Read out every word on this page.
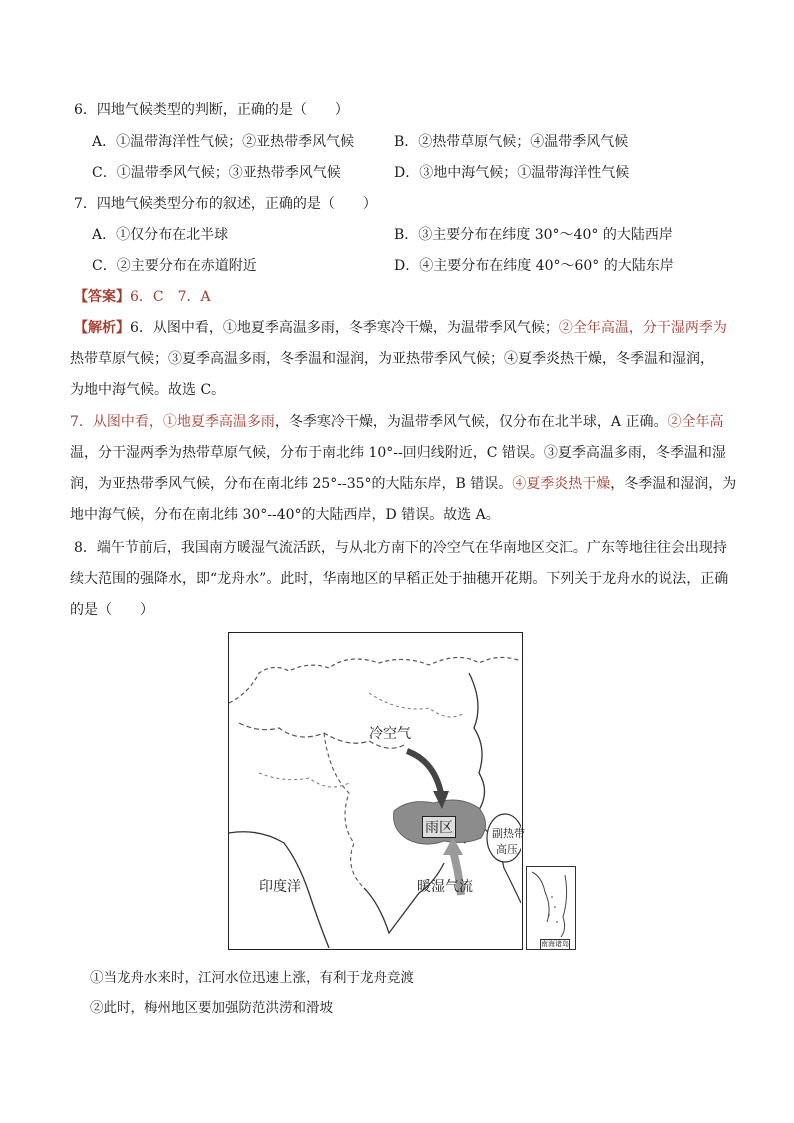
6．四地气候类型的判断，正确的是（　　）
A．①温带海洋性气候；②亚热带季风气候	B．②热带草原气候；④温带季风气候
C．①温带季风气候；③亚热带季风气候	D．③地中海气候；①温带海洋性气候
7．四地气候类型分布的叙述，正确的是（　　）
A．①仅分布在北半球	B．③主要分布在纬度 30°～40° 的大陆西岸
C．②主要分布在赤道附近	D．④主要分布在纬度 40°～60° 的大陆东岸
【答案】6．C　7．A
【解析】6．从图中看，①地夏季高温多雨，冬季寒冷干燥，为温带季风气候；②全年高温，分干湿两季为
热带草原气候；③夏季高温多雨，冬季温和湿润，为亚热带季风气候；④夏季炎热干燥，冬季温和湿润，
为地中海气候。故选 C。
7．从图中看，①地夏季高温多雨，冬季寒冷干燥，为温带季风气候，仅分布在北半球，A 正确。②全年高
温，分干湿两季为热带草原气候，分布于南北纬 10°--回归线附近，C 错误。③夏季高温多雨，冬季温和湿
润，为亚热带季风气候，分布在南北纬 25°--35°的大陆东岸，B 错误。④夏季炎热干燥，冬季温和湿润，为
地中海气候，分布在南北纬 30°--40°的大陆西岸，D 错误。故选 A。
8．端午节前后，我国南方暖湿气流活跃，与从北方南下的冷空气在华南地区交汇。广东等地往往会出现持
续大范围的强降水，即“龙舟水”。此时，华南地区的早稻正处于抽穗开花期。下列关于龙舟水的说法，正确
的是（　　）
冷空气
雨区
暖湿气流
印度洋
副热带
高压
南海诸岛
①当龙舟水来时，江河水位迅速上涨，有利于龙舟竞渡
②此时，梅州地区要加强防范洪涝和滑坡
